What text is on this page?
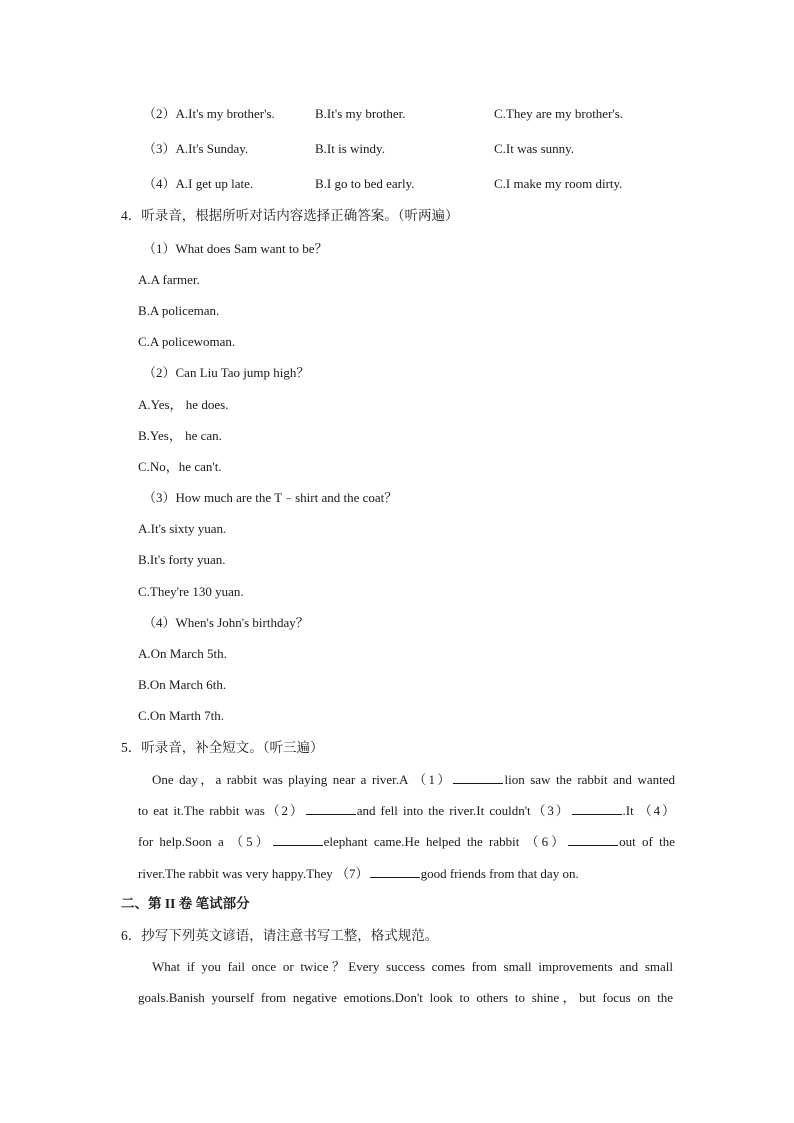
（2）A.It's my brother's.	B.It's my brother.	C.They are my brother's.
（3）A.It's Sunday.	B.It is windy.	C.It was sunny.
（4）A.I get up late.	B.I go to bed early.	C.I make my room dirty.
4．听录音，根据所听对话内容选择正确答案。（听两遍）
（1）What does Sam want to be？
A.A farmer.
B.A policeman.
C.A policewoman.
（2）Can Liu Tao jump high？
A.Yes， he does.
B.Yes， he can.
C.No，he can't.
（3）How much are the T﹣shirt and the coat？
A.It's sixty yuan.
B.It's forty yuan.
C.They're 130 yuan.
（4）When's John's birthday？
A.On March 5th.
B.On March 6th.
C.On Marth 7th.
5．听录音，补全短文。（听三遍）
One day，a rabbit was playing near a river.A （1）	lion saw the rabbit and wanted
to eat it.The rabbit was（2）	and fell into the river.It couldn't（3）	.It （4）
for help.Soon a （5）	elephant came.He helped the rabbit （6）	out of the
river.The rabbit was very happy.They （7）	good friends from that day on.
二、第 II 卷 笔试部分
6．抄写下列英文谚语，请注意书写工整，格式规范。
What if you fail once or twice？Every success comes from small improvements and small
goals.Banish yourself from negative emotions.Don't look to others to shine，but focus on the
